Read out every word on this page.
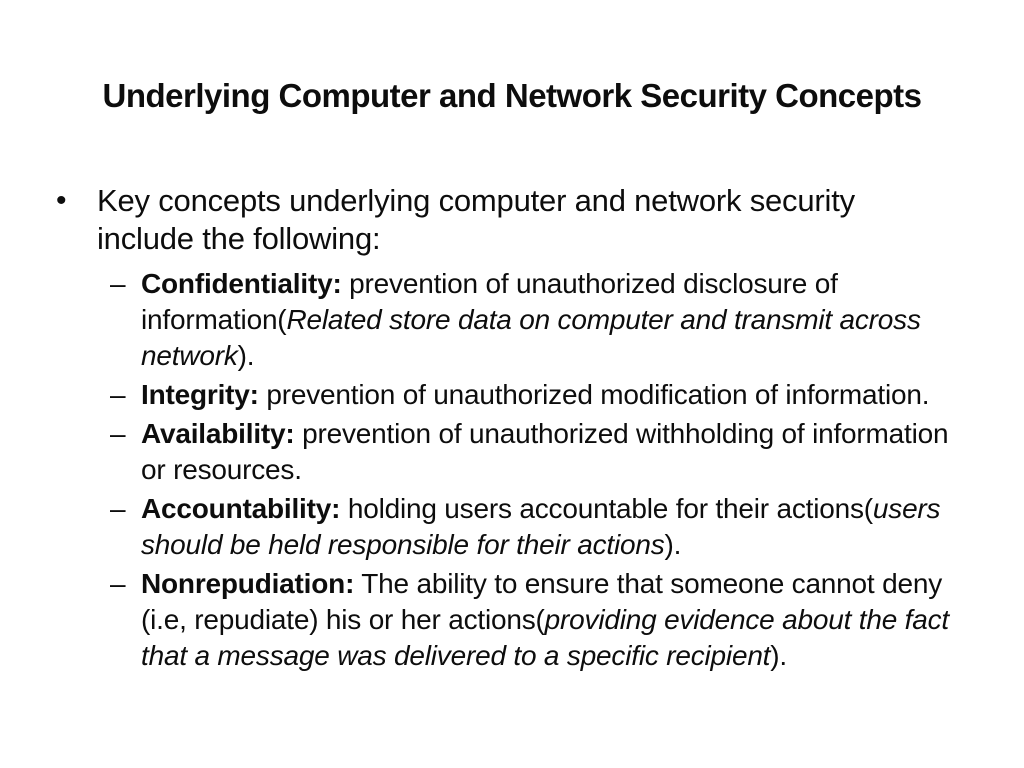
Underlying Computer and Network Security Concepts
• Key concepts underlying computer and network security include the following:
– Confidentiality: prevention of unauthorized disclosure of information(Related store data on computer and transmit across network).
– Integrity: prevention of unauthorized modification of information.
– Availability: prevention of unauthorized withholding of information or resources.
– Accountability: holding users accountable for their actions(users should be held responsible for their actions).
– Nonrepudiation: The ability to ensure that someone cannot deny (i.e, repudiate) his or her actions(providing evidence about the fact that a message was delivered to a specific recipient).
